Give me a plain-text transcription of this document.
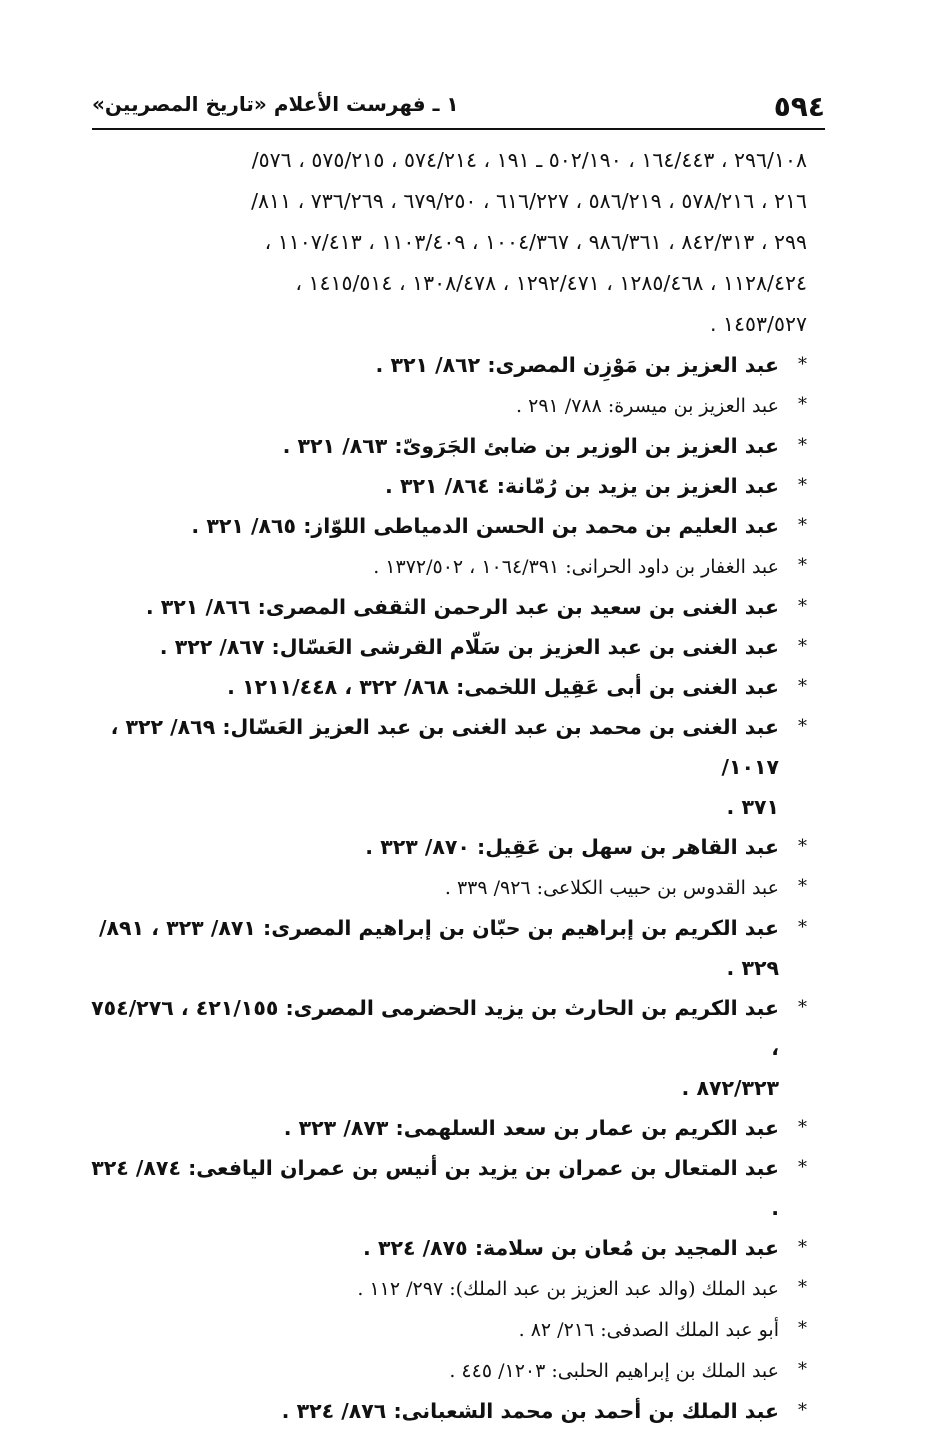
٥٩٤
١ ـ فهرست الأعلام «تاريخ المصريين»
٢٩٦/١٠٨ ، ١٦٤/٤٤٣ ، ٥٠٢/١٩٠ ـ ١٩١ ، ٥٧٤/٢١٤ ، ٥٧٥/٢١٥ ، ٥٧٦/
٢١٦ ، ٥٧٨/٢١٦ ، ٥٨٦/٢١٩ ، ٦١٦/٢٢٧ ، ٦٧٩/٢٥٠ ، ٧٣٦/٢٦٩ ، ٨١١/
٢٩٩ ، ٨٤٢/٣١٣ ، ٩٨٦/٣٦١ ، ١٠٠٤/٣٦٧ ، ١١٠٣/٤٠٩ ، ١١٠٧/٤١٣ ،
١١٢٨/٤٢٤ ، ١٢٨٥/٤٦٨ ، ١٢٩٢/٤٧١ ، ١٣٠٨/٤٧٨ ، ١٤١٥/٥١٤ ،
١٤٥٣/٥٢٧ .
*
عبد العزيز بن مَوْزِن المصرى: ٨٦٢/ ٣٢١ .
*
عبد العزيز بن ميسرة: ٧٨٨/ ٢٩١ .
*
عبد العزيز بن الوزير بن ضابئ الجَرَوىّ: ٨٦٣/ ٣٢١ .
*
عبد العزيز بن يزيد بن رُمّانة: ٨٦٤/ ٣٢١ .
*
عبد العليم بن محمد بن الحسن الدمياطى اللوّاز: ٨٦٥/ ٣٢١ .
*
عبد الغفار بن داود الحرانى: ١٠٦٤/٣٩١ ، ١٣٧٢/٥٠٢ .
*
عبد الغنى بن سعيد بن عبد الرحمن الثقفى المصرى: ٨٦٦/ ٣٢١ .
*
عبد الغنى بن عبد العزيز بن سَلّام القرشى العَسّال: ٨٦٧/ ٣٢٢ .
*
عبد الغنى بن أبى عَقِيل اللخمى: ٨٦٨/ ٣٢٢ ، ١٢١١/٤٤٨ .
*
عبد الغنى بن محمد بن عبد الغنى بن عبد العزيز العَسّال: ٨٦٩/ ٣٢٢ ، ١٠١٧/
٣٧١ .
*
عبد القاهر بن سهل بن عَقِيل: ٨٧٠/ ٣٢٣ .
*
عبد القدوس بن حبيب الكلاعى: ٩٢٦/ ٣٣٩ .
*
عبد الكريم بن إبراهيم بن حبّان بن إبراهيم المصرى: ٨٧١/ ٣٢٣ ، ٨٩١/ ٣٢٩ .
*
عبد الكريم بن الحارث بن يزيد الحضرمى المصرى: ٤٢١/١٥٥ ، ٧٥٤/٢٧٦ ،
٨٧٢/٣٢٣ .
*
عبد الكريم بن عمار بن سعد السلهمى: ٨٧٣/ ٣٢٣ .
*
عبد المتعال بن عمران بن يزيد بن أنيس بن عمران اليافعى: ٨٧٤/ ٣٢٤ .
*
عبد المجيد بن مُعان بن سلامة: ٨٧٥/ ٣٢٤ .
*
عبد الملك (والد عبد العزيز بن عبد الملك): ٢٩٧/ ١١٢ .
*
أبو عبد الملك الصدفى: ٢١٦/ ٨٢ .
*
عبد الملك بن إبراهيم الحلبى: ١٢٠٣/ ٤٤٥ .
*
عبد الملك بن أحمد بن محمد الشعبانى: ٨٧٦/ ٣٢٤ .
